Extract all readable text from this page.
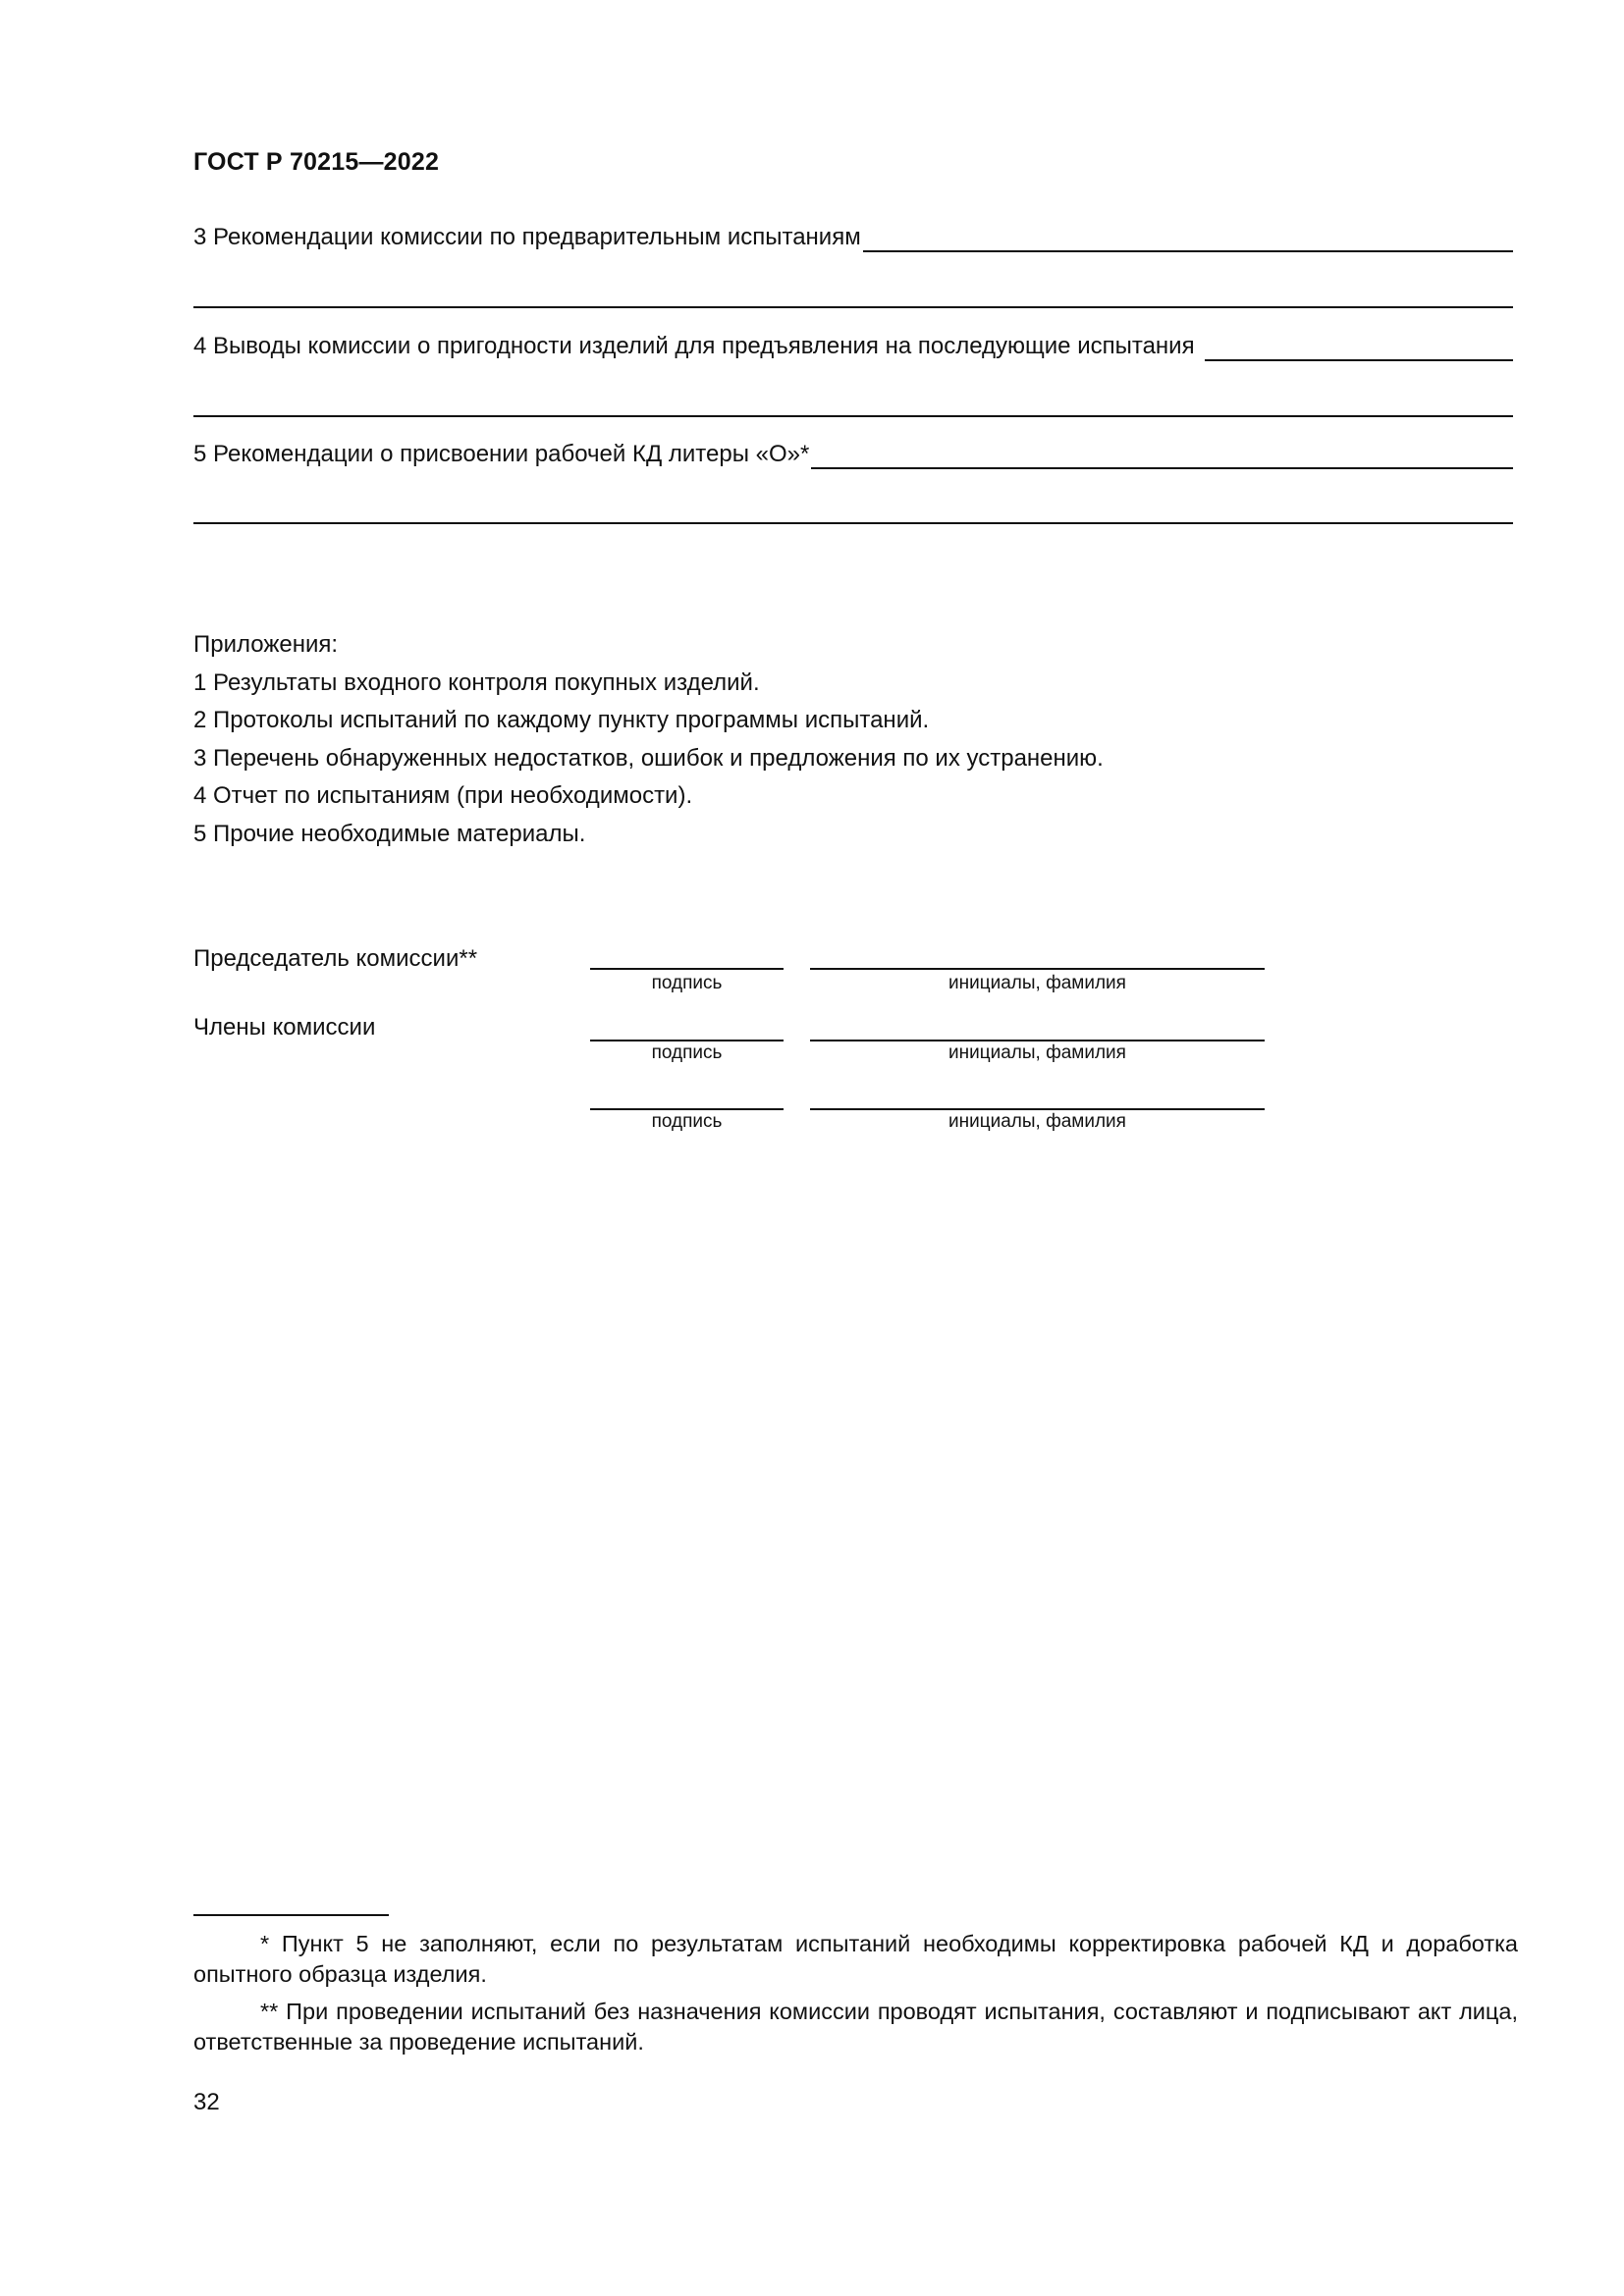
ГОСТ Р 70215—2022
3 Рекомендации комиссии по предварительным испытаниям
4 Выводы комиссии о пригодности изделий для предъявления на последующие испытания
5 Рекомендации о присвоении рабочей КД литеры «О»*
Приложения:
1 Результаты входного контроля покупных изделий.
2 Протоколы испытаний по каждому пункту программы испытаний.
3 Перечень обнаруженных недостатков, ошибок и предложения по их устранению.
4 Отчет по испытаниям (при необходимости).
5 Прочие необходимые материалы.
Председатель комиссии**
подпись	инициалы, фамилия
Члены комиссии
подпись	инициалы, фамилия
подпись	инициалы, фамилия
* Пункт 5 не заполняют, если по результатам испытаний необходимы корректировка рабочей КД и доработка опытного образца изделия.
** При проведении испытаний без назначения комиссии проводят испытания, составляют и подписывают акт лица, ответственные за проведение испытаний.
32
